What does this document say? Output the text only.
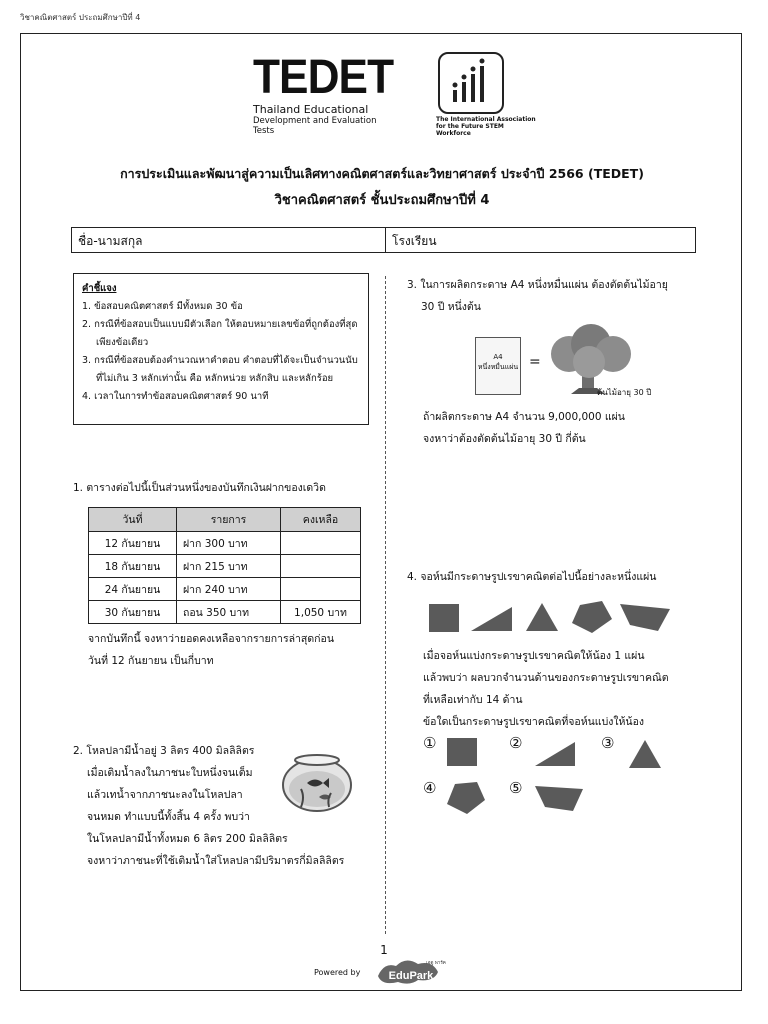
วิชาคณิตศาสตร์ ประถมศึกษาปีที่ 4
TEDET
Thailand Educational
Development and Evaluation Tests
The International Association
for the Future STEM Workforce
การประเมินและพัฒนาสู่ความเป็นเลิศทางคณิตศาสตร์และวิทยาศาสตร์ ประจำปี 2566 (TEDET)
วิชาคณิตศาสตร์ ชั้นประถมศึกษาปีที่ 4
ชื่อ-นามสกุล	โรงเรียน
คำชี้แจง
1. ข้อสอบคณิตศาสตร์ มีทั้งหมด 30 ข้อ
2. กรณีที่ข้อสอบเป็นแบบมีตัวเลือก ให้ตอบหมายเลขข้อที่ถูกต้องที่สุด
เพียงข้อเดียว
3. กรณีที่ข้อสอบต้องคำนวณหาคำตอบ คำตอบที่ได้จะเป็นจำนวนนับ
ที่ไม่เกิน 3 หลักเท่านั้น คือ หลักหน่วย หลักสิบ และหลักร้อย
4. เวลาในการทำข้อสอบคณิตศาสตร์ 90 นาที
1. ตารางต่อไปนี้เป็นส่วนหนึ่งของบันทึกเงินฝากของเดวิด
วันที่	รายการ	คงเหลือ
12 กันยายน	ฝาก 300 บาท	
18 กันยายน	ฝาก 215 บาท	
24 กันยายน	ฝาก 240 บาท	
30 กันยายน	ถอน 350 บาท	1,050 บาท
จากบันทึกนี้ จงหาว่ายอดคงเหลือจากรายการล่าสุดก่อน
วันที่ 12 กันยายน เป็นกี่บาท
2. โหลปลามีน้ำอยู่ 3 ลิตร 400 มิลลิลิตร
เมื่อเติมน้ำลงในภาชนะใบหนึ่งจนเต็ม
แล้วเทน้ำจากภาชนะลงในโหลปลา
จนหมด ทำแบบนี้ทั้งสิ้น 4 ครั้ง พบว่า
ในโหลปลามีน้ำทั้งหมด 6 ลิตร 200 มิลลิลิตร
จงหาว่าภาชนะที่ใช้เติมน้ำใส่โหลปลามีปริมาตรกี่มิลลิลิตร
3. ในการผลิตกระดาษ A4 หนึ่งหมื่นแผ่น ต้องตัดต้นไม้อายุ
30 ปี หนึ่งต้น
A4
หนึ่งหมื่นแผ่น =
ต้นไม้อายุ 30 ปี
ถ้าผลิตกระดาษ A4 จำนวน 9,000,000 แผ่น
จงหาว่าต้องตัดต้นไม้อายุ 30 ปี กี่ต้น
4. จอห์นมีกระดาษรูปเรขาคณิตต่อไปนี้อย่างละหนึ่งแผ่น
เมื่อจอห์นแบ่งกระดาษรูปเรขาคณิตให้น้อง 1 แผ่น
แล้วพบว่า ผลบวกจำนวนด้านของกระดาษรูปเรขาคณิต
ที่เหลือเท่ากับ 14 ด้าน
ข้อใดเป็นกระดาษรูปเรขาคณิตที่จอห์นแบ่งให้น้อง
①	②	③
④	⑤
1
Powered by	EduPark
เอดู พาร์ค
